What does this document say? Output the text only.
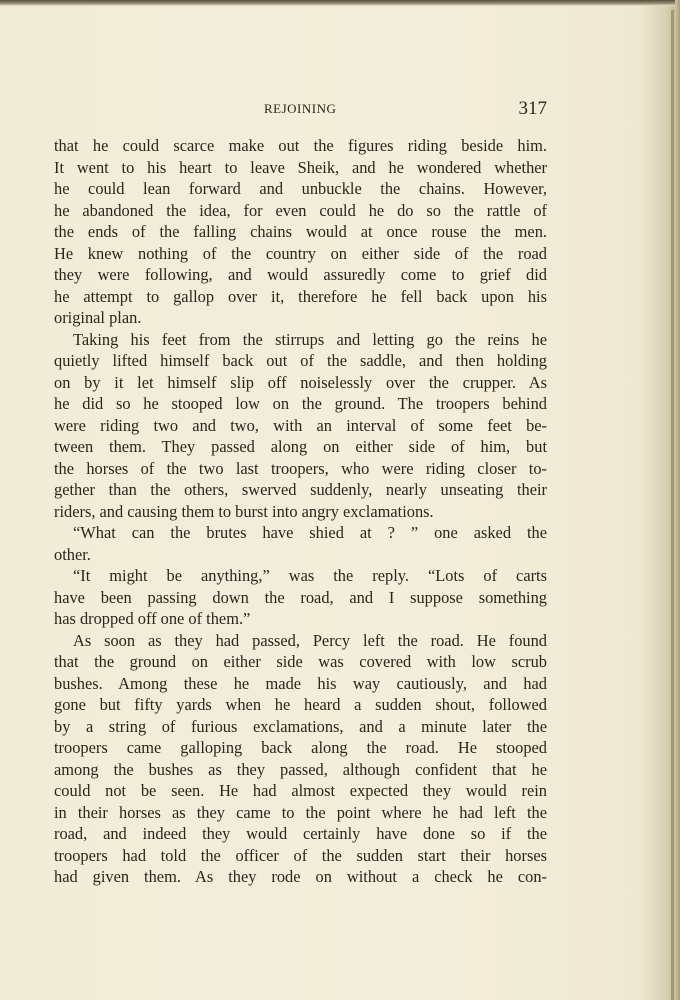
REJOINING	317
that he could scarce make out the figures riding beside him.
It went to his heart to leave Sheik, and he wondered whether
he could lean forward and unbuckle the chains. However,
he abandoned the idea, for even could he do so the rattle of
the ends of the falling chains would at once rouse the men.
He knew nothing of the country on either side of the road
they were following, and would assuredly come to grief did
he attempt to gallop over it, therefore he fell back upon his
original plan.
Taking his feet from the stirrups and letting go the reins he
quietly lifted himself back out of the saddle, and then holding
on by it let himself slip off noiselessly over the crupper. As
he did so he stooped low on the ground. The troopers behind
were riding two and two, with an interval of some feet be-
tween them. They passed along on either side of him, but
the horses of the two last troopers, who were riding closer to-
gether than the others, swerved suddenly, nearly unseating their
riders, and causing them to burst into angry exclamations.
“What can the brutes have shied at ? ” one asked the
other.
“It might be anything,” was the reply. “Lots of carts
have been passing down the road, and I suppose something
has dropped off one of them.”
As soon as they had passed, Percy left the road. He found
that the ground on either side was covered with low scrub
bushes. Among these he made his way cautiously, and had
gone but fifty yards when he heard a sudden shout, followed
by a string of furious exclamations, and a minute later the
troopers came galloping back along the road. He stooped
among the bushes as they passed, although confident that he
could not be seen. He had almost expected they would rein
in their horses as they came to the point where he had left the
road, and indeed they would certainly have done so if the
troopers had told the officer of the sudden start their horses
had given them. As they rode on without a check he con-
